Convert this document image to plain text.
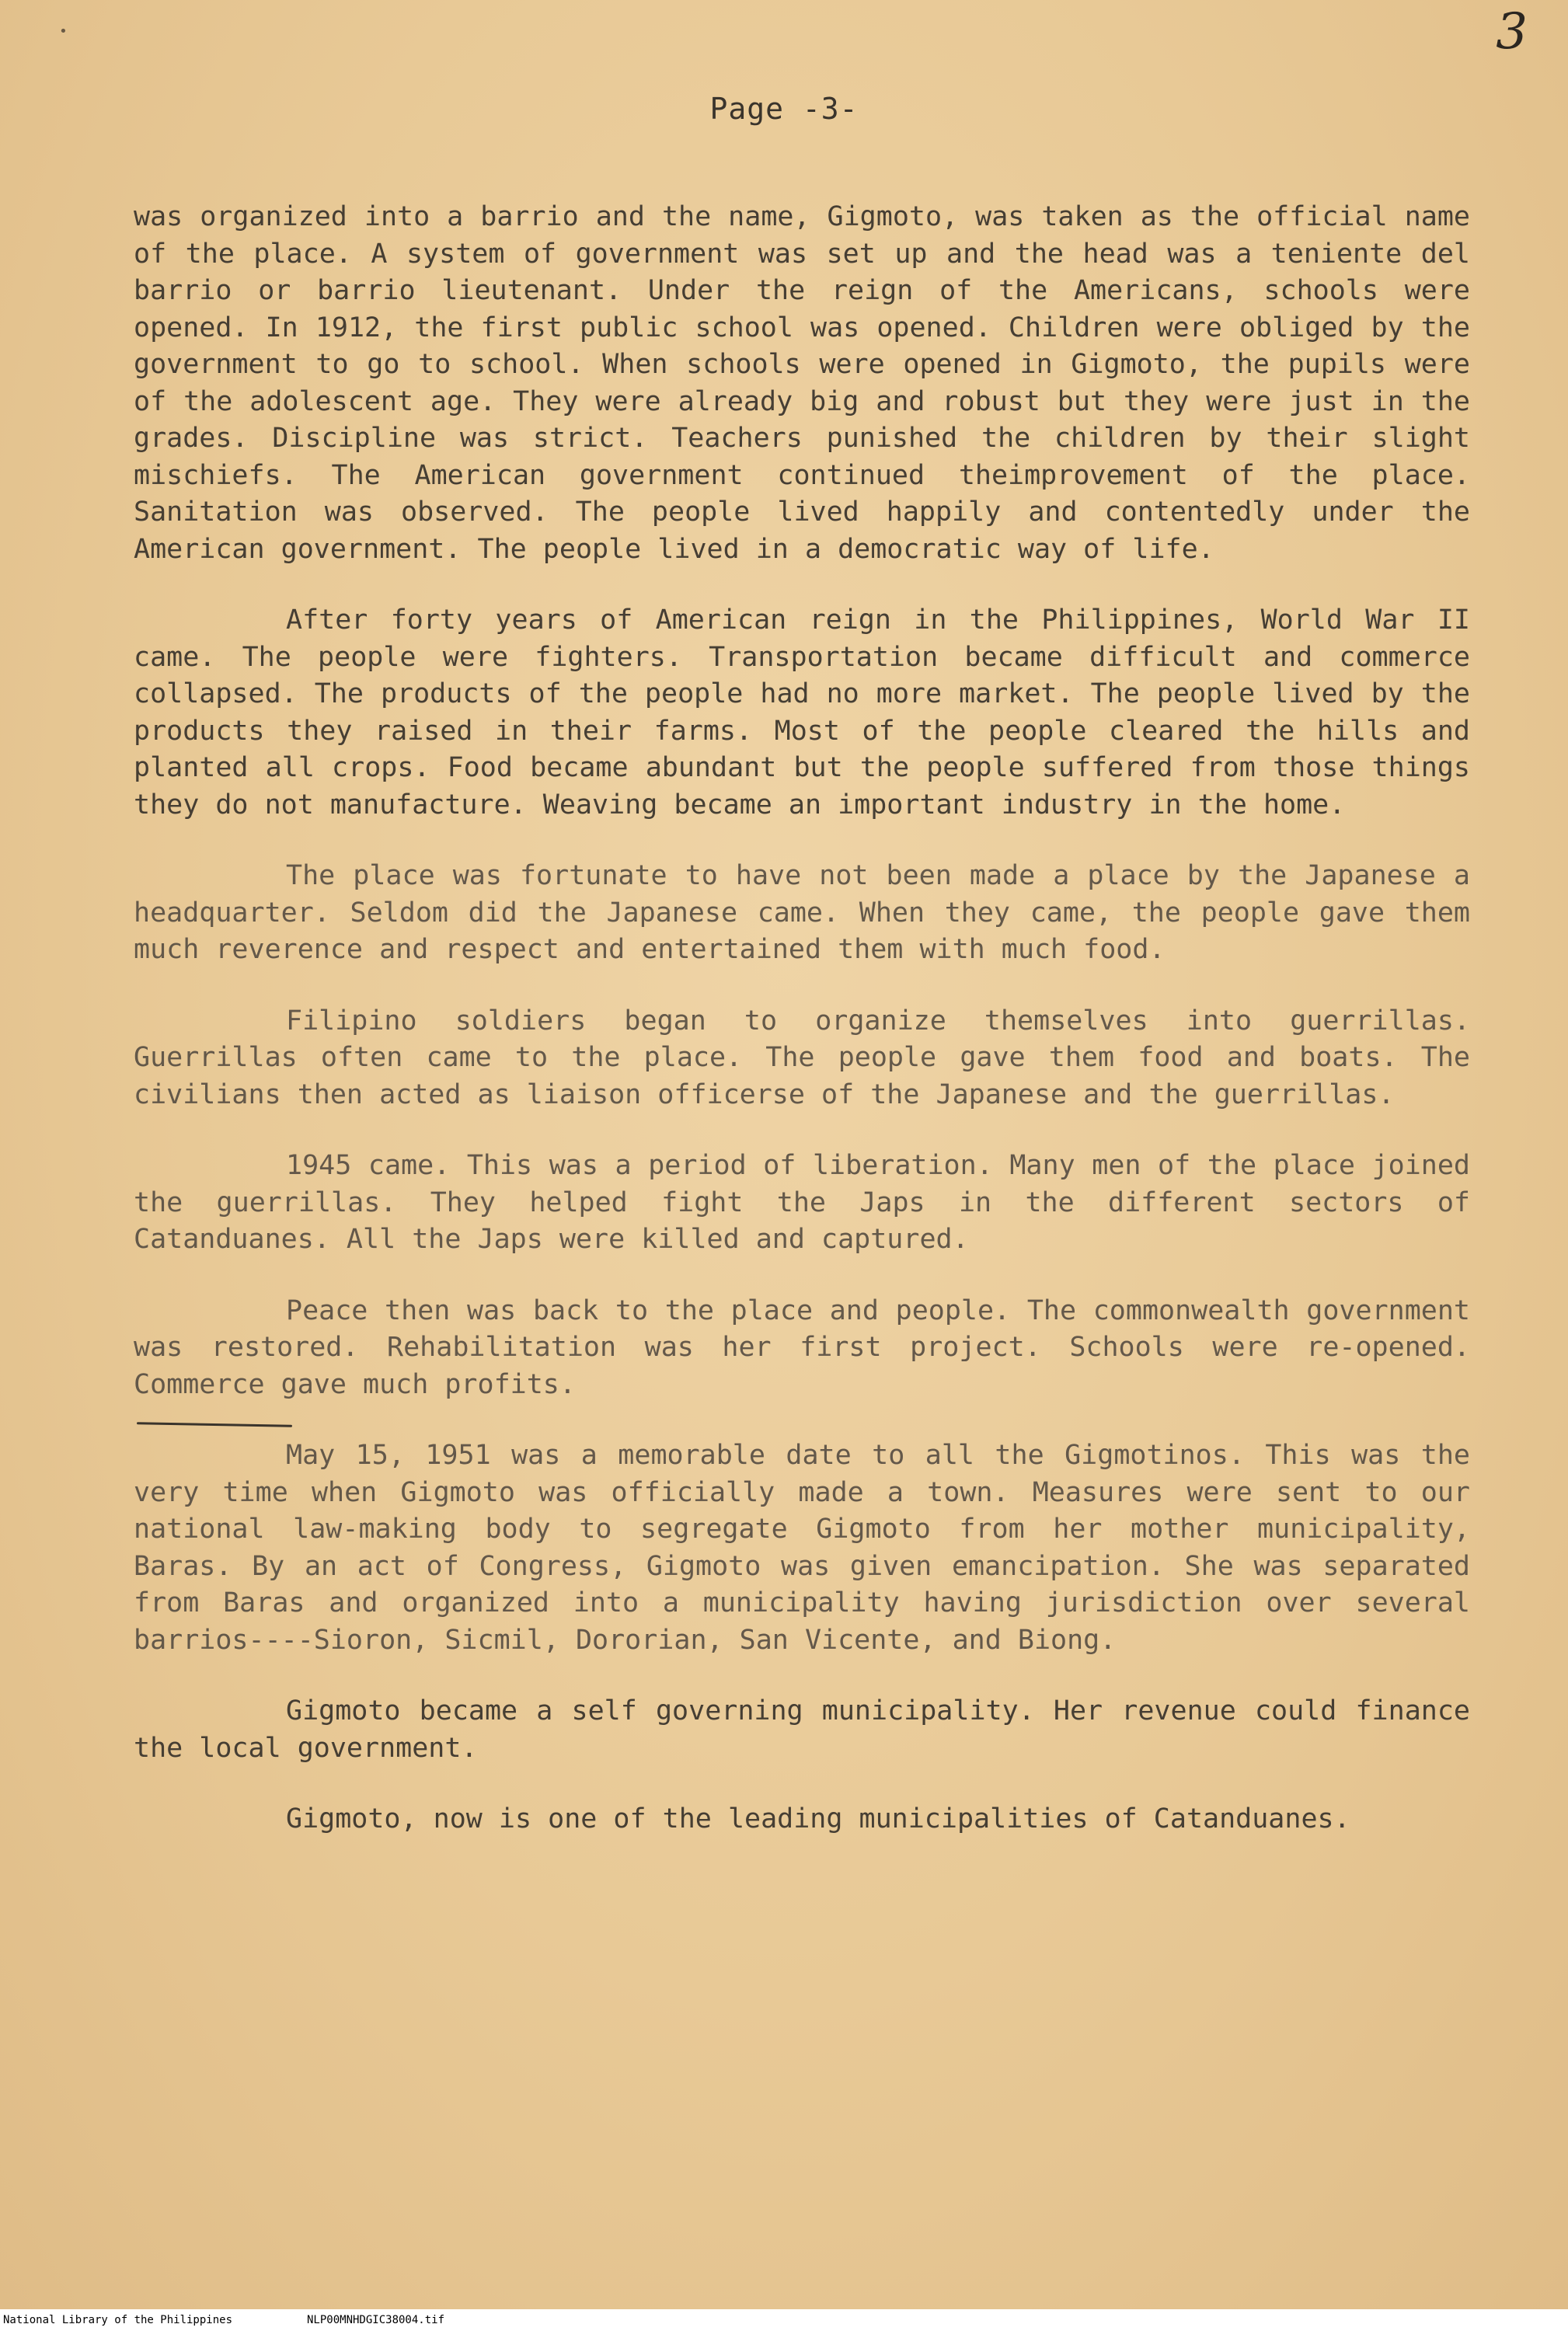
•	3
Page -3-

was organized into a barrio and the name, Gigmoto, was taken as the official name of the place. A system of government was set up and the head was a teniente del barrio or barrio lieutenant. Under the reign of the Americans, schools were opened. In 1912, the first public school was opened. Children were obliged by the government to go to school. When schools were opened in Gigmoto, the pupils were of the adolescent age. They were already big and robust but they were just in the grades. Discipline was strict. Teachers punished the children by their slight mischiefs. The American government continued theimprovement of the place. Sanitation was observed. The people lived happily and contentedly under the American government. The people lived in a democratic way of life.

After forty years of American reign in the Philippines, World War II came. The people were fighters. Transportation became difficult and commerce collapsed. The products of the people had no more market. The people lived by the products they raised in their farms. Most of the people cleared the hills and planted all crops. Food became abundant but the people suffered from those things they do not manufacture. Weaving became an important industry in the home.

The place was fortunate to have not been made a place by the Japanese a headquarter. Seldom did the Japanese came. When they came, the people gave them much reverence and respect and entertained them with much food.

Filipino soldiers began to organize themselves into guerrillas. Guerrillas often came to the place. The people gave them food and boats. The civilians then acted as liaison officerse of the Japanese and the guerrillas.

1945 came. This was a period of liberation. Many men of the place joined the guerrillas. They helped fight the Japs in the different sectors of Catanduanes. All the Japs were killed and captured.

Peace then was back to the place and people. The commonwealth government was restored. Rehabilitation was her first project. Schools were re-opened. Commerce gave much profits.

May 15, 1951 was a memorable date to all the Gigmotinos. This was the very time when Gigmoto was officially made a town. Measures were sent to our national law-making body to segregate Gigmoto from her mother municipality, Baras. By an act of Congress, Gigmoto was given emancipation. She was separated from Baras and organized into a municipality having jurisdiction over several barrios----Sioron, Sicmil, Dororian, San Vicente, and Biong.

Gigmoto became a self governing municipality. Her revenue could finance the local government.

Gigmoto, now is one of the leading municipalities of Catanduanes.

National Library of the Philippines	NLP00MNHDGIC38004.tif
